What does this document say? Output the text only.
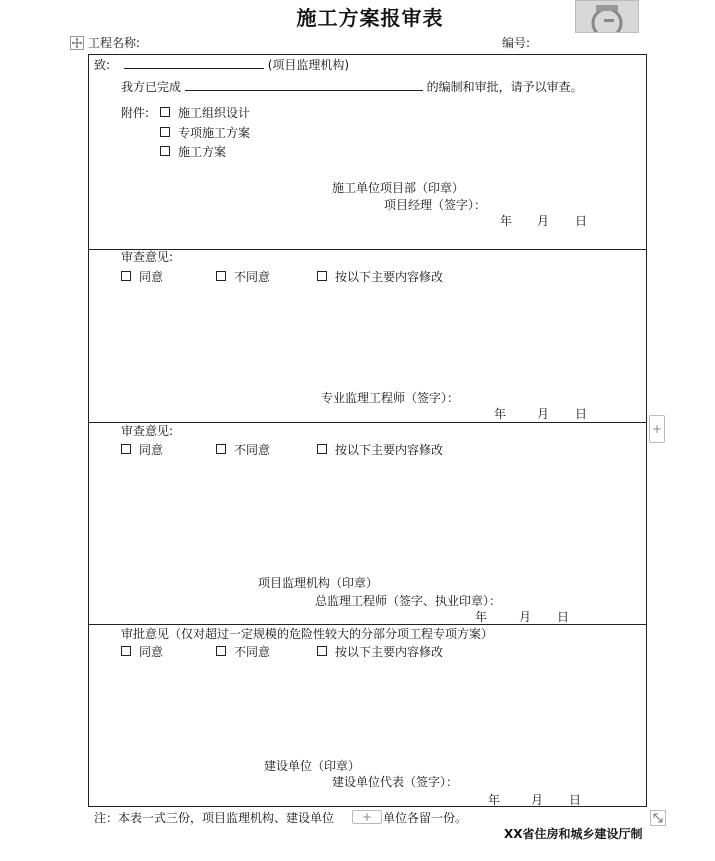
施工方案报审表
工程名称:	编号:
致:	(项目监理机构)
我方已完成	的编制和审批，请予以审查。
附件:	施工组织设计
专项施工方案
施工方案
施工单位项目部（印章）
项目经理（签字）：
年 月 日
审查意见:
同意	不同意	按以下主要内容修改
专业监理工程师（签字）：
年	月 日
审查意见:
同意	不同意	按以下主要内容修改
项目监理机构（印章）
总监理工程师（签字、执业印章）：
年	月 日
审批意见（仅对超过一定规模的危险性较大的分部分项工程专项方案）
同意	不同意	按以下主要内容修改
建设单位（印章）
建设单位代表（签字）：
年	月 日
注：本表一式三份，项目监理机构、建设单位	单位各留一份。
XX省住房和城乡建设厅制
+
+
